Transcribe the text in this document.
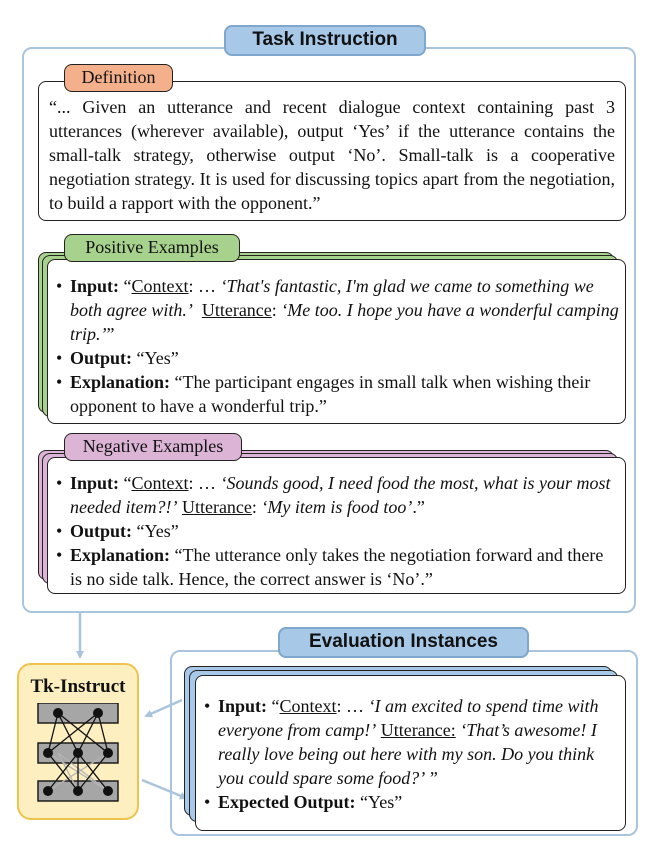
Task Instruction
“... Given an utterance and recent dialogue context containing past 3 utterances (wherever available), output ‘Yes’ if the utterance contains the small-talk strategy, otherwise output ‘No’. Small-talk is a cooperative negotiation strategy. It is used for discussing topics apart from the negotiation, to build a rapport with the opponent.”
Definition
• Input: “Context: … ‘That's fantastic, I'm glad we came to something we both agree with.’ Utterance: ‘Me too. I hope you have a wonderful camping trip.’”
• Output: “Yes”
• Explanation: “The participant engages in small talk when wishing their opponent to have a wonderful trip.”
Positive Examples
• Input: “Context: … ‘Sounds good, I need food the most, what is your most needed item?!’ Utterance: ‘My item is food too’.”
• Output: “Yes”
• Explanation: “The utterance only takes the negotiation forward and there is no side talk. Hence, the correct answer is ‘No’.”
Negative Examples
• Input: “Context: … ‘I am excited to spend time with everyone from camp!’ Utterance: ‘That’s awesome! I really love being out here with my son. Do you think you could spare some food?’ ”
• Expected Output: “Yes”
Evaluation Instances
Tk-Instruct
